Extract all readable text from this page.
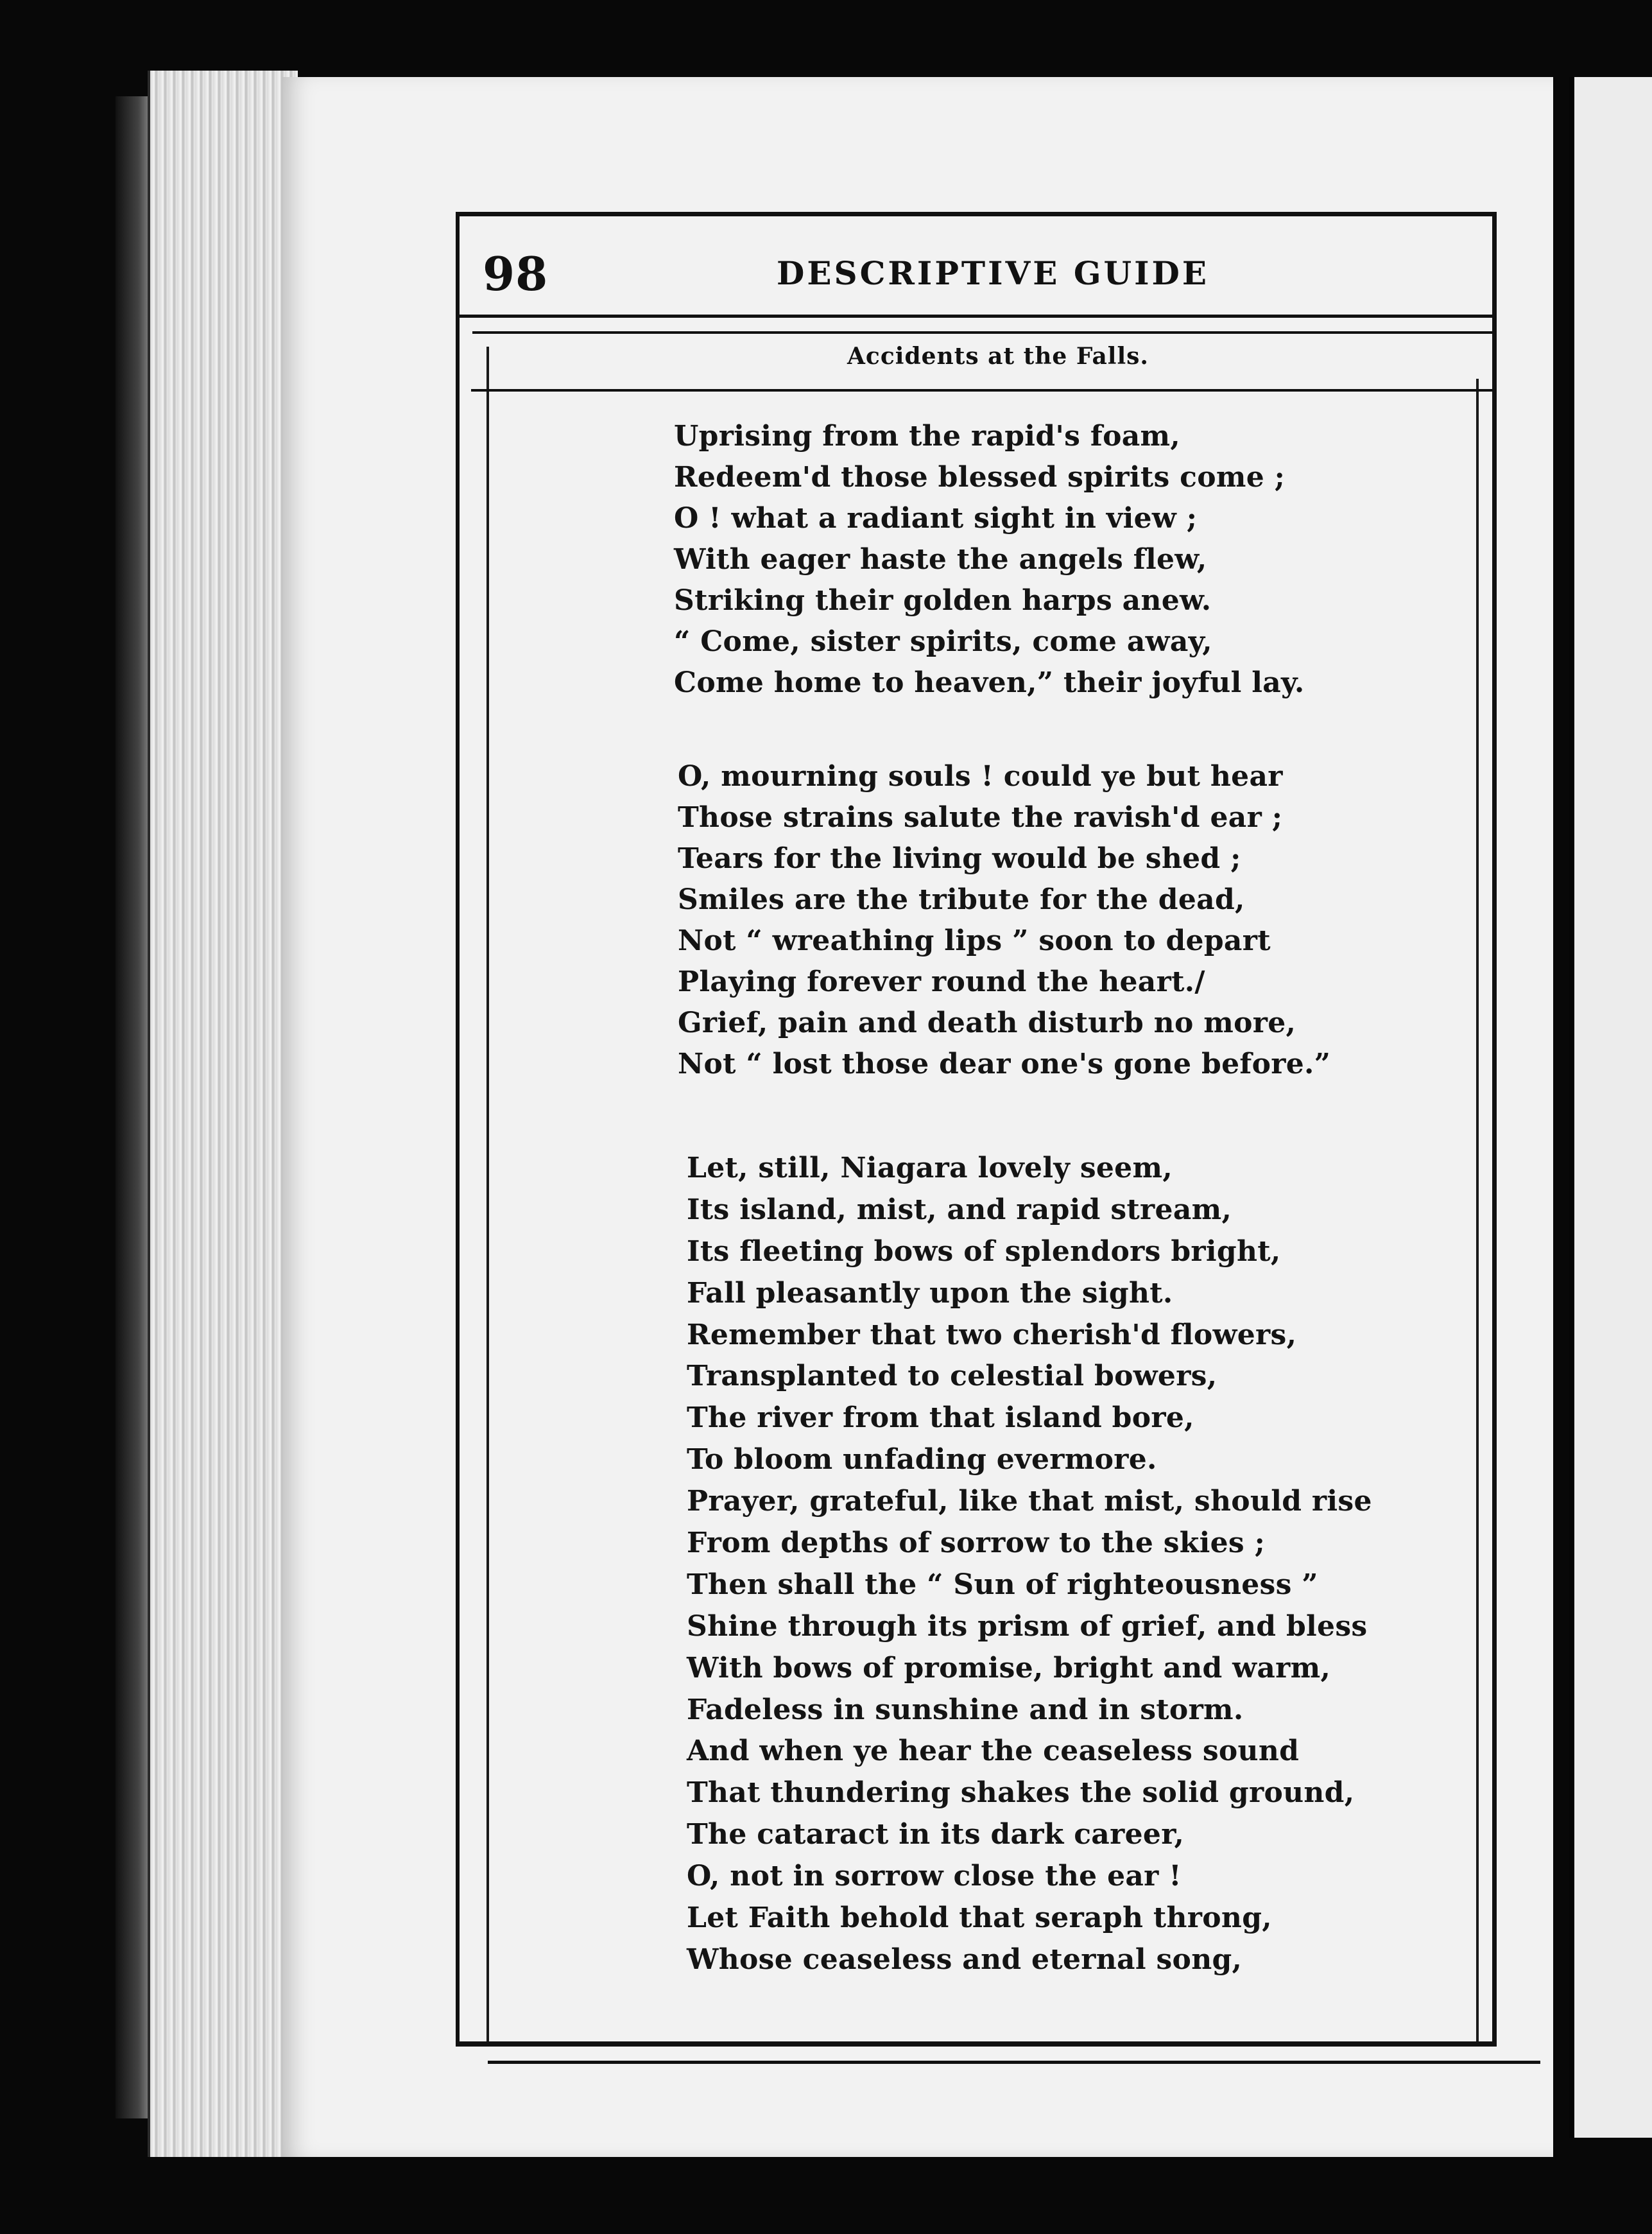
98	DESCRIPTIVE GUIDE
Accidents at the Falls.
Uprising from the rapid's foam,
Redeem'd those blessed spirits come ;
O ! what a radiant sight in view ;
With eager haste the angels flew,
Striking their golden harps anew.
“ Come, sister spirits, come away,
Come home to heaven,” their joyful lay.
O, mourning souls ! could ye but hear
Those strains salute the ravish'd ear ;
Tears for the living would be shed ;
Smiles are the tribute for the dead,
Not “ wreathing lips ” soon to depart
Playing forever round the heart./
Grief, pain and death disturb no more,
Not “ lost those dear one's gone before.”
Let, still, Niagara lovely seem,
Its island, mist, and rapid stream,
Its fleeting bows of splendors bright,
Fall pleasantly upon the sight.
Remember that two cherish'd flowers,
Transplanted to celestial bowers,
The river from that island bore,
To bloom unfading evermore.
Prayer, grateful, like that mist, should rise
From depths of sorrow to the skies ;
Then shall the “ Sun of righteousness ”
Shine through its prism of grief, and bless
With bows of promise, bright and warm,
Fadeless in sunshine and in storm.
And when ye hear the ceaseless sound
That thundering shakes the solid ground,
The cataract in its dark career,
O, not in sorrow close the ear !
Let Faith behold that seraph throng,
Whose ceaseless and eternal song,
